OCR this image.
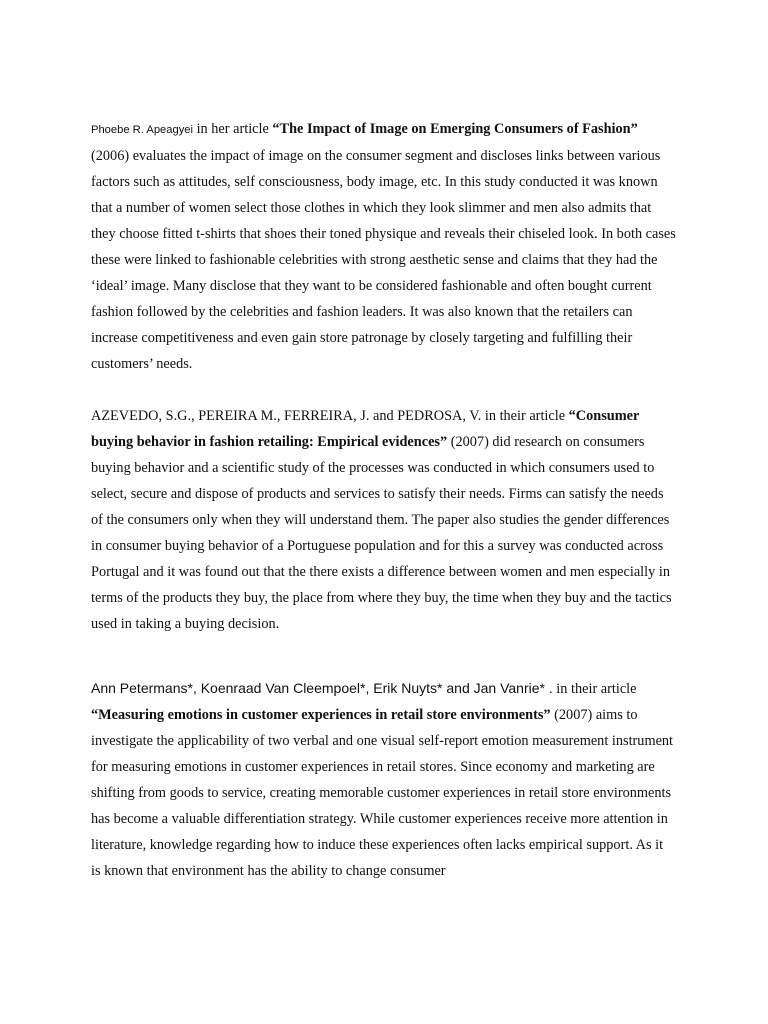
Phoebe R. Apeagyei in her article “The Impact of Image on Emerging Consumers of Fashion” (2006) evaluates the impact of image on the consumer segment and discloses links between various factors such as attitudes, self consciousness, body image, etc. In this study conducted it was known that a number of women select those clothes in which they look slimmer and men also admits that they choose fitted t-shirts that shoes their toned physique and reveals their chiseled look. In both cases these were linked to fashionable celebrities with strong aesthetic sense and claims that they had the ‘ideal’ image. Many disclose that they want to be considered fashionable and often bought current fashion followed by the celebrities and fashion leaders. It was also known that the retailers can increase competitiveness and even gain store patronage by closely targeting and fulfilling their customers’ needs.

AZEVEDO, S.G., PEREIRA M., FERREIRA, J. and PEDROSA, V. in their article “Consumer buying behavior in fashion retailing: Empirical evidences” (2007) did research on consumers buying behavior and a scientific study of the processes was conducted in which consumers used to select, secure and dispose of products and services to satisfy their needs. Firms can satisfy the needs of the consumers only when they will understand them. The paper also studies the gender differences in consumer buying behavior of a Portuguese population and for this a survey was conducted across Portugal and it was found out that the there exists a difference between women and men especially in terms of the products they buy, the place from where they buy, the time when they buy and the tactics used in taking a buying decision.

Ann Petermans*, Koenraad Van Cleempoel*, Erik Nuyts* and Jan Vanrie* . in their article “Measuring emotions in customer experiences in retail store environments” (2007) aims to investigate the applicability of two verbal and one visual self-report emotion measurement instrument for measuring emotions in customer experiences in retail stores. Since economy and marketing are shifting from goods to service, creating memorable customer experiences in retail store environments has become a valuable differentiation strategy. While customer experiences receive more attention in literature, knowledge regarding how to induce these experiences often lacks empirical support. As it is known that environment has the ability to change consumer
